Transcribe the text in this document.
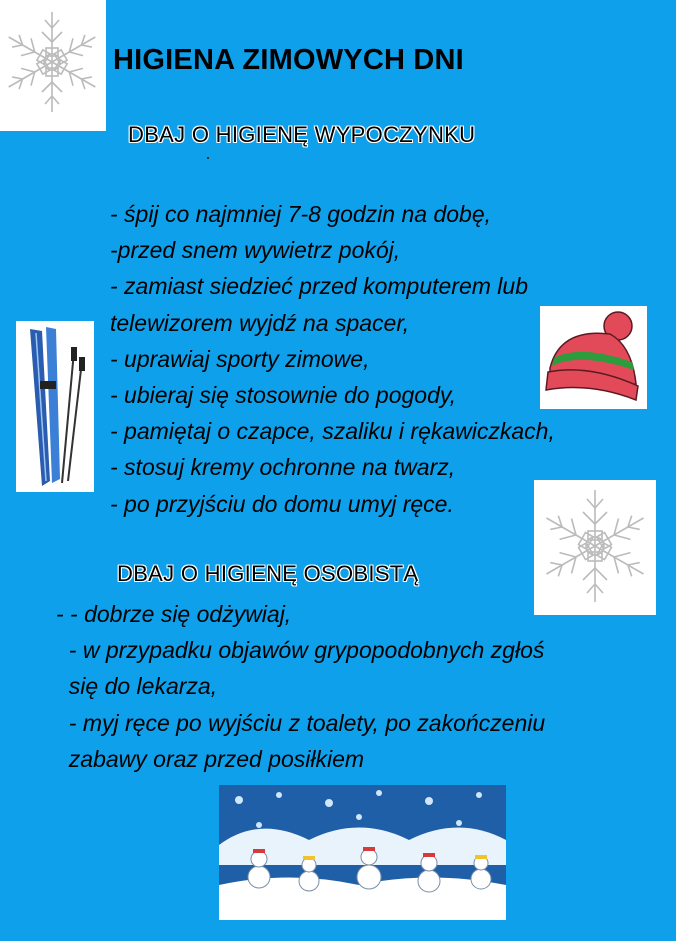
HIGIENA ZIMOWYCH DNI
DBAJ O HIGIENĘ WYPOCZYNKU
- śpij co najmniej 7-8 godzin na dobę,
-przed snem wywietrz pokój,
- zamiast siedzieć przed komputerem lub
telewizorem wyjdź na spacer,
- uprawiaj sporty zimowe,
- ubieraj się stosownie do pogody,
- pamiętaj o czapce, szaliku i rękawiczkach,
- stosuj kremy ochronne na twarz,
- po przyjściu do domu umyj ręce.
DBAJ O HIGIENĘ OSOBISTĄ
- - dobrze się odżywiaj,
- w przypadku objawów grypopodobnych zgłoś
się do lekarza,
- myj ręce po wyjściu z toalety, po zakończeniu
zabawy oraz przed posiłkiem
